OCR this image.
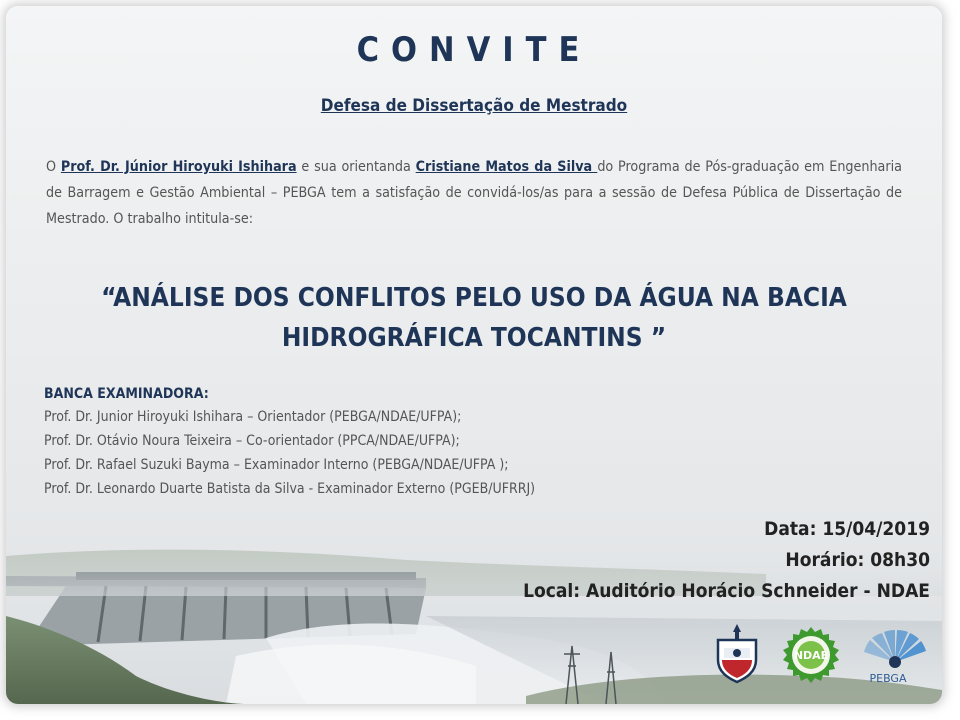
CONVITE
Defesa de Dissertação de Mestrado
O Prof. Dr. Júnior Hiroyuki Ishihara e sua orientanda Cristiane Matos da Silva do Programa de Pós-graduação em Engenharia de Barragem e Gestão Ambiental – PEBGA tem a satisfação de convidá-los/as para a sessão de Defesa Pública de Dissertação de Mestrado. O trabalho intitula-se:
“ANÁLISE DOS CONFLITOS PELO USO DA ÁGUA NA BACIA
HIDROGRÁFICA TOCANTINS ”
BANCA EXAMINADORA:
Prof. Dr. Junior Hiroyuki Ishihara – Orientador (PEBGA/NDAE/UFPA);
Prof. Dr. Otávio Noura Teixeira – Co-orientador (PPCA/NDAE/UFPA);
Prof. Dr. Rafael Suzuki Bayma – Examinador Interno (PEBGA/NDAE/UFPA );
Prof. Dr. Leonardo Duarte Batista da Silva - Examinador Externo (PGEB/UFRRJ)
Data: 15/04/2019
Horário: 08h30
Local: Auditório Horácio Schneider - NDAE
NDAE
PEBGA
